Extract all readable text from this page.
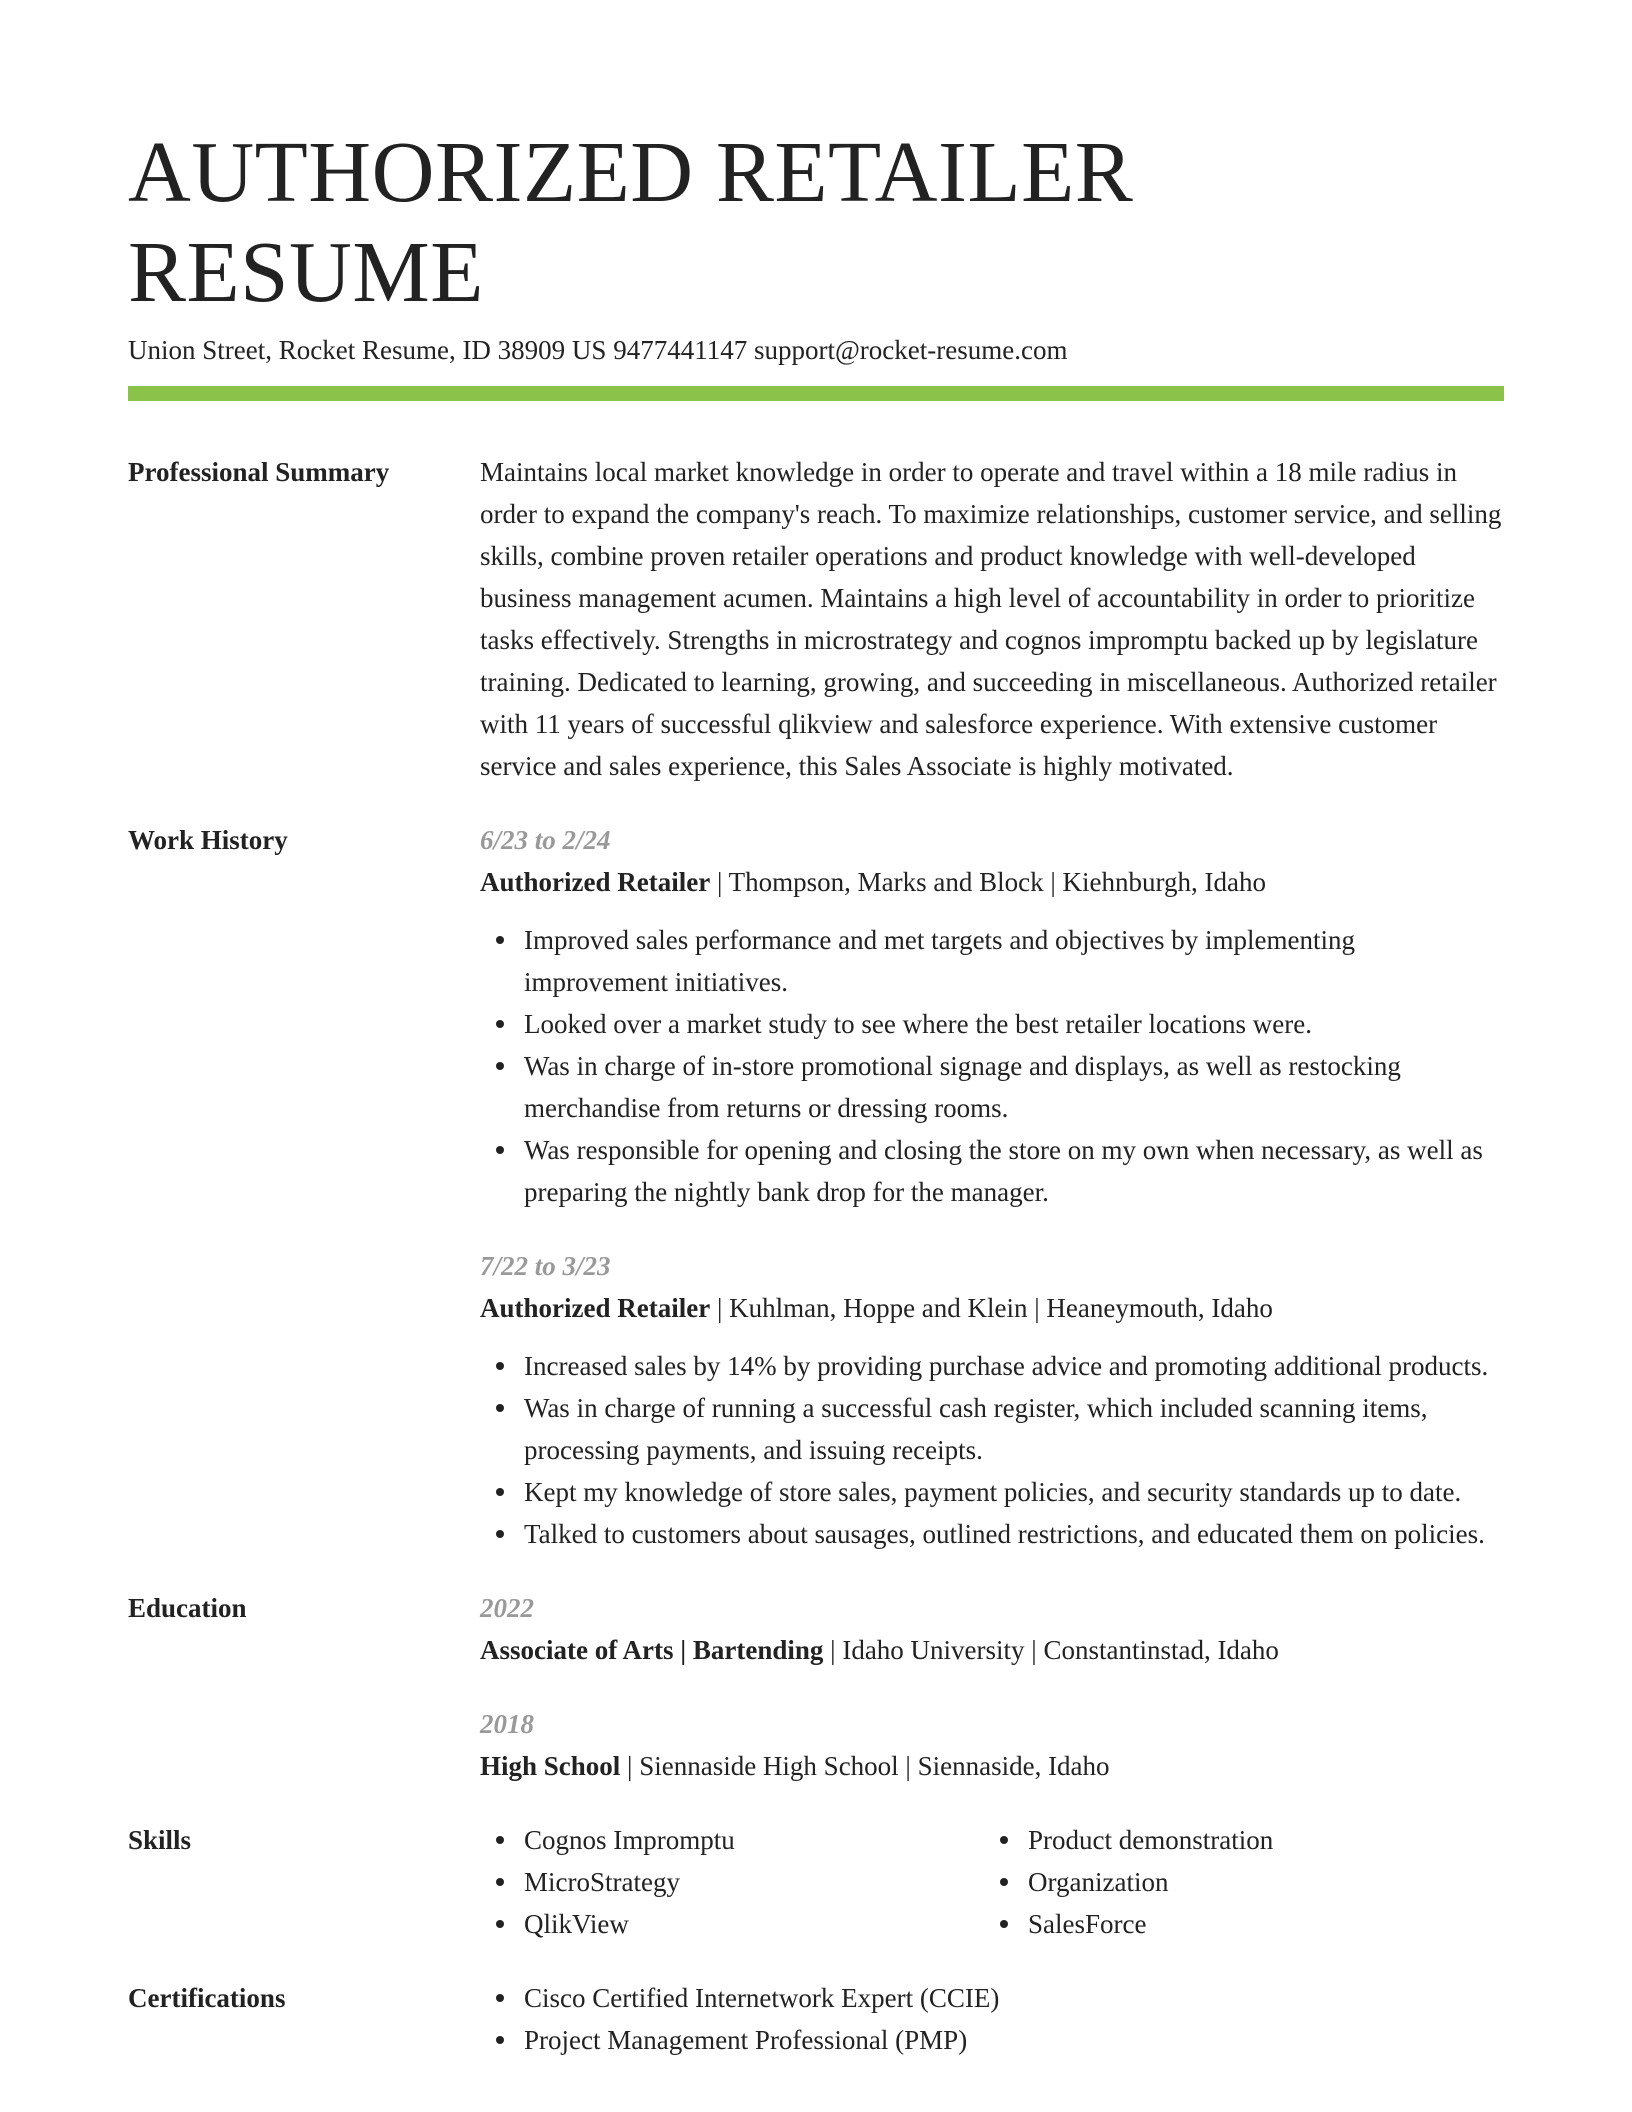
AUTHORIZED RETAILER RESUME
Union Street, Rocket Resume, ID 38909 US 9477441147 support@rocket-resume.com
Professional Summary	Maintains local market knowledge in order to operate and travel within a 18 mile radius in order to expand the company's reach. To maximize relationships, customer service, and selling skills, combine proven retailer operations and product knowledge with well-developed business management acumen. Maintains a high level of accountability in order to prioritize tasks effectively. Strengths in microstrategy and cognos impromptu backed up by legislature training. Dedicated to learning, growing, and succeeding in miscellaneous. Authorized retailer with 11 years of successful qlikview and salesforce experience. With extensive customer service and sales experience, this Sales Associate is highly motivated.

Work History	6/23 to 2/24
Authorized Retailer | Thompson, Marks and Block | Kiehnburgh, Idaho
Improved sales performance and met targets and objectives by implementing improvement initiatives.
Looked over a market study to see where the best retailer locations were.
Was in charge of in-store promotional signage and displays, as well as restocking merchandise from returns or dressing rooms.
Was responsible for opening and closing the store on my own when necessary, as well as preparing the nightly bank drop for the manager.
7/22 to 3/23
Authorized Retailer | Kuhlman, Hoppe and Klein | Heaneymouth, Idaho
Increased sales by 14% by providing purchase advice and promoting additional products.
Was in charge of running a successful cash register, which included scanning items, processing payments, and issuing receipts.
Kept my knowledge of store sales, payment policies, and security standards up to date.
Talked to customers about sausages, outlined restrictions, and educated them on policies.
Education	2022
Associate of Arts | Bartending | Idaho University | Constantinstad, Idaho
2018
High School | Siennaside High School | Siennaside, Idaho
Skills	Cognos Impromptu
MicroStrategy
QlikView
Product demonstration
Organization
SalesForce
Certifications	Cisco Certified Internetwork Expert (CCIE)
Project Management Professional (PMP)
